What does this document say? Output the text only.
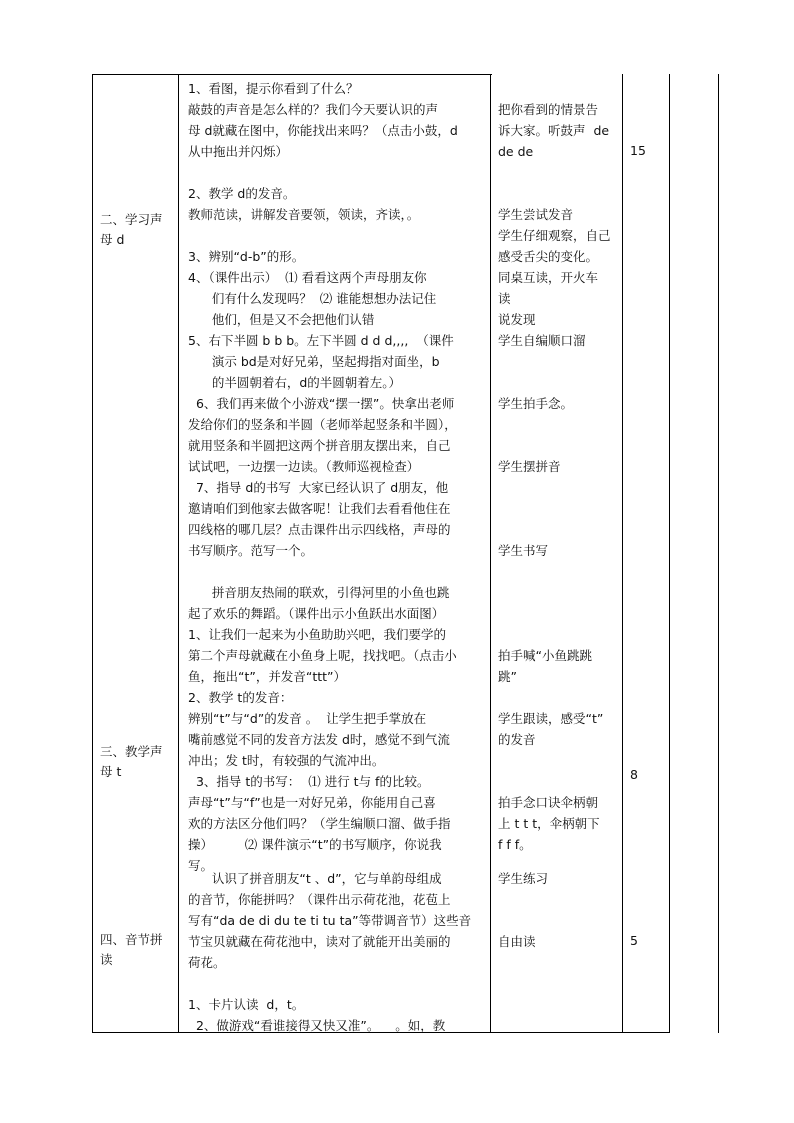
二、学习声
母 d
三、教学声
母 t
四、音节拼
读
1、看图，提示你看到了什么？
敲鼓的声音是怎么样的？我们今天要认识的声
母 d就藏在图中，你能找出来吗？（点击小鼓，d
从中拖出并闪烁）

2、教学 d的发音。
教师范读，讲解发音要领，领读，齐读，。

3、辨别“d-b”的形。
4、（课件出示）  ⑴ 看看这两个声母朋友你
们有什么发现吗？  ⑵ 谁能想想办法记住
他们，但是又不会把他们认错
5、右下半圆 b b b。左下半圆 d d d,,,,  （课件
演示 bd是对好兄弟，坚起拇指对面坐，b
的半圆朝着右，d的半圆朝着左。）
6、我们再来做个小游戏“摆一摆”。快拿出老师
发给你们的竖条和半圆（老师举起竖条和半圆），
就用竖条和半圆把这两个拼音朋友摆出来，自己
试试吧，一边摆一边读。（教师巡视检查）
7、指导 d的书写  大家已经认识了 d朋友，他
邀请咱们到他家去做客呢！让我们去看看他住在
四线格的哪几层？点击课件出示四线格，声母的
书写顺序。范写一个。

拼音朋友热闹的联欢，引得河里的小鱼也跳
起了欢乐的舞蹈。（课件出示小鱼跃出水面图）
1、让我们一起来为小鱼助助兴吧，我们要学的
第二个声母就藏在小鱼身上呢，找找吧。（点击小
鱼，拖出“t”，并发音“ttt”）
2、教学 t的发音：
辨别“t”与“d”的发音 。  让学生把手掌放在
嘴前感觉不同的发音方法发 d时，感觉不到气流
冲出；发 t时，有较强的气流冲出。
3、指导 t的书写：  ⑴ 进行 t与 f的比较。
声母“t”与“f”也是一对好兄弟，你能用自己喜
欢的方法区分他们吗？（学生编顺口溜、做手指
操）        ⑵ 课件演示“t”的书写顺序，你说我
写。
认识了拼音朋友“t 、d”，它与单韵母组成
的音节，你能拼吗？（课件出示荷花池，花苞上
写有“da de di du te ti tu ta”等带调音节）这些音
节宝贝就藏在荷花池中，读对了就能开出美丽的
荷花。

1、卡片认读  d，t。
2、做游戏“看谁接得又快又准”。    。如，教

把你看到的情景告
诉大家。听鼓声  de
de de

学生尝试发音
学生仔细观察，自己
感受舌尖的变化。
同桌互读，开火车
读
说发现
学生自编顺口溜

学生拍手念。

学生摆拼音

学生书写

拍手喊“小鱼跳跳
跳”

学生跟读，感受“t”
的发音

拍手念口诀伞柄朝
上 t t t，伞柄朝下
f f f。

学生练习

自由读
15
8
5
